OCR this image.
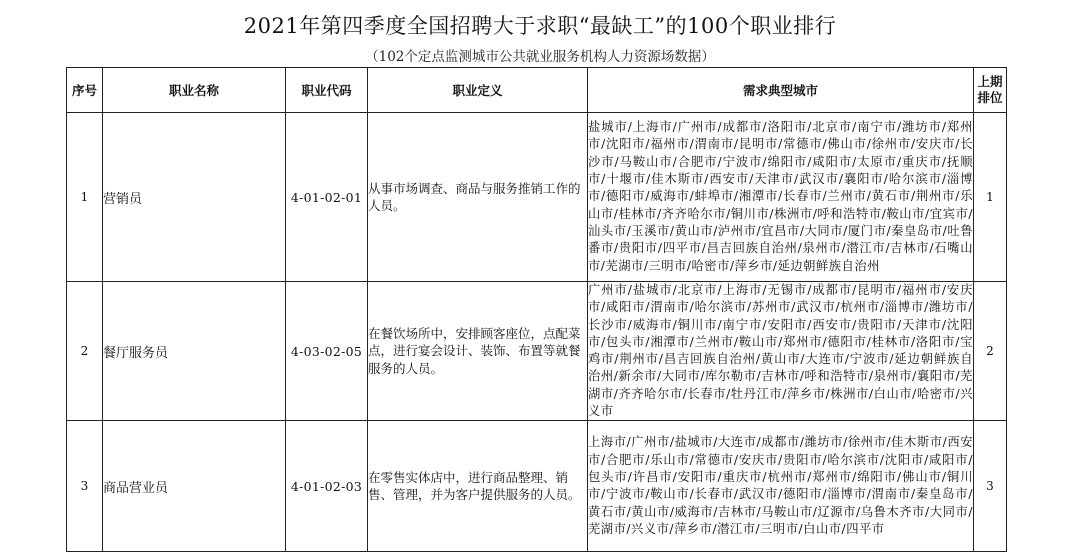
2021年第四季度全国招聘大于求职“最缺工”的100个职业排行
（102个定点监测城市公共就业服务机构人力资源场数据）
序号	职业名称	职业代码	职业定义	需求典型城市	上期排位
1	营销员	4-01-02-01	从事市场调查、商品与服务推销工作的人员。	盐城市/上海市/广州市/成都市/洛阳市/北京市/南宁市/潍坊市/郑州市/沈阳市/福州市/渭南市/昆明市/常德市/佛山市/徐州市/安庆市/长沙市/马鞍山市/合肥市/宁波市/绵阳市/咸阳市/太原市/重庆市/抚顺市/十堰市/佳木斯市/西安市/天津市/武汉市/襄阳市/哈尔滨市/淄博市/德阳市/威海市/蚌埠市/湘潭市/长春市/兰州市/黄石市/荆州市/乐山市/桂林市/齐齐哈尔市/铜川市/株洲市/呼和浩特市/鞍山市/宜宾市/汕头市/玉溪市/黄山市/泸州市/宜昌市/大同市/厦门市/秦皇岛市/吐鲁番市/贵阳市/四平市/昌吉回族自治州/泉州市/潜江市/吉林市/石嘴山市/芜湖市/三明市/哈密市/萍乡市/延边朝鲜族自治州	1
2	餐厅服务员	4-03-02-05	在餐饮场所中，安排顾客座位，点配菜点，进行宴会设计、装饰、布置等就餐服务的人员。	广州市/盐城市/北京市/上海市/无锡市/成都市/昆明市/福州市/安庆市/咸阳市/渭南市/哈尔滨市/苏州市/武汉市/杭州市/淄博市/潍坊市/长沙市/威海市/铜川市/南宁市/安阳市/西安市/贵阳市/天津市/沈阳市/包头市/湘潭市/兰州市/鞍山市/郑州市/德阳市/桂林市/洛阳市/宝鸡市/荆州市/昌吉回族自治州/黄山市/大连市/宁波市/延边朝鲜族自治州/新余市/大同市/库尔勒市/吉林市/呼和浩特市/泉州市/襄阳市/芜湖市/齐齐哈尔市/长春市/牡丹江市/萍乡市/株洲市/白山市/哈密市/兴义市	2
3	商品营业员	4-01-02-03	在零售实体店中，进行商品整理、销售、管理，并为客户提供服务的人员。	上海市/广州市/盐城市/大连市/成都市/潍坊市/徐州市/佳木斯市/西安市/合肥市/乐山市/常德市/安庆市/贵阳市/哈尔滨市/沈阳市/咸阳市/包头市/许昌市/安阳市/重庆市/杭州市/郑州市/绵阳市/佛山市/铜川市/宁波市/鞍山市/长春市/武汉市/德阳市/淄博市/渭南市/秦皇岛市/黄石市/黄山市/威海市/吉林市/马鞍山市/辽源市/乌鲁木齐市/大同市/芜湖市/兴义市/萍乡市/潜江市/三明市/白山市/四平市	3
